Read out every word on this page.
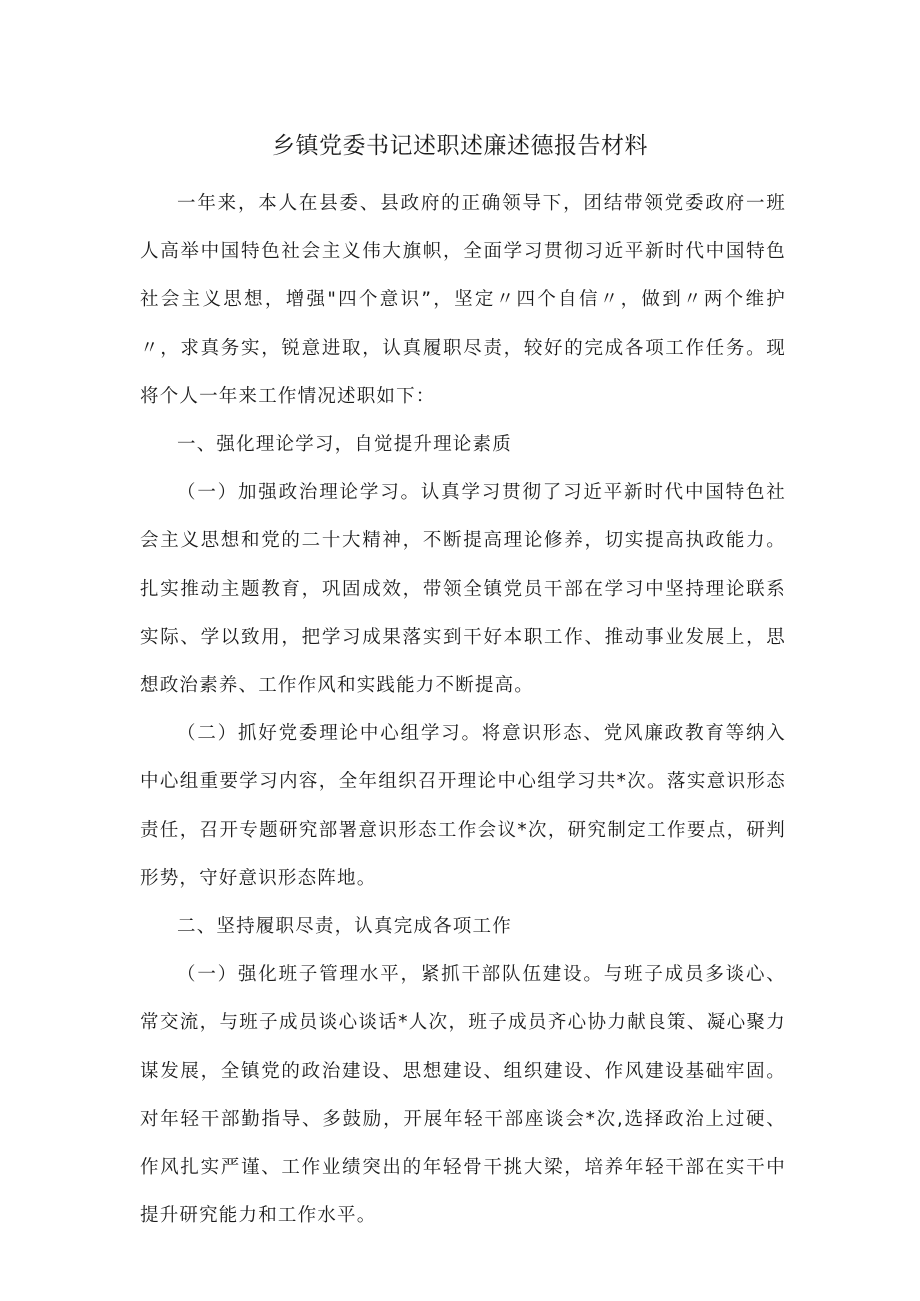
乡镇党委书记述职述廉述德报告材料

一年来，本人在县委、县政府的正确领导下，团结带领党委政府一班人高举中国特色社会主义伟大旗帜，全面学习贯彻习近平新时代中国特色社会主义思想，增强"四个意识”，坚定〃四个自信〃，做到〃两个维护〃，求真务实，锐意进取，认真履职尽责，较好的完成各项工作任务。现将个人一年来工作情况述职如下：

一、强化理论学习，自觉提升理论素质

（一）加强政治理论学习。认真学习贯彻了习近平新时代中国特色社会主义思想和党的二十大精神，不断提高理论修养，切实提高执政能力。扎实推动主题教育，巩固成效，带领全镇党员干部在学习中坚持理论联系实际、学以致用，把学习成果落实到干好本职工作、推动事业发展上，思想政治素养、工作作风和实践能力不断提高。

（二）抓好党委理论中心组学习。将意识形态、党风廉政教育等纳入中心组重要学习内容，全年组织召开理论中心组学习共*次。落实意识形态责任，召开专题研究部署意识形态工作会议*次，研究制定工作要点，研判形势，守好意识形态阵地。

二、坚持履职尽责，认真完成各项工作

（一）强化班子管理水平，紧抓干部队伍建设。与班子成员多谈心、常交流，与班子成员谈心谈话*人次，班子成员齐心协力献良策、凝心聚力谋发展，全镇党的政治建设、思想建设、组织建设、作风建设基础牢固。对年轻干部勤指导、多鼓励，开展年轻干部座谈会*次,选择政治上过硬、作风扎实严谨、工作业绩突出的年轻骨干挑大梁，培养年轻干部在实干中提升研究能力和工作水平。
